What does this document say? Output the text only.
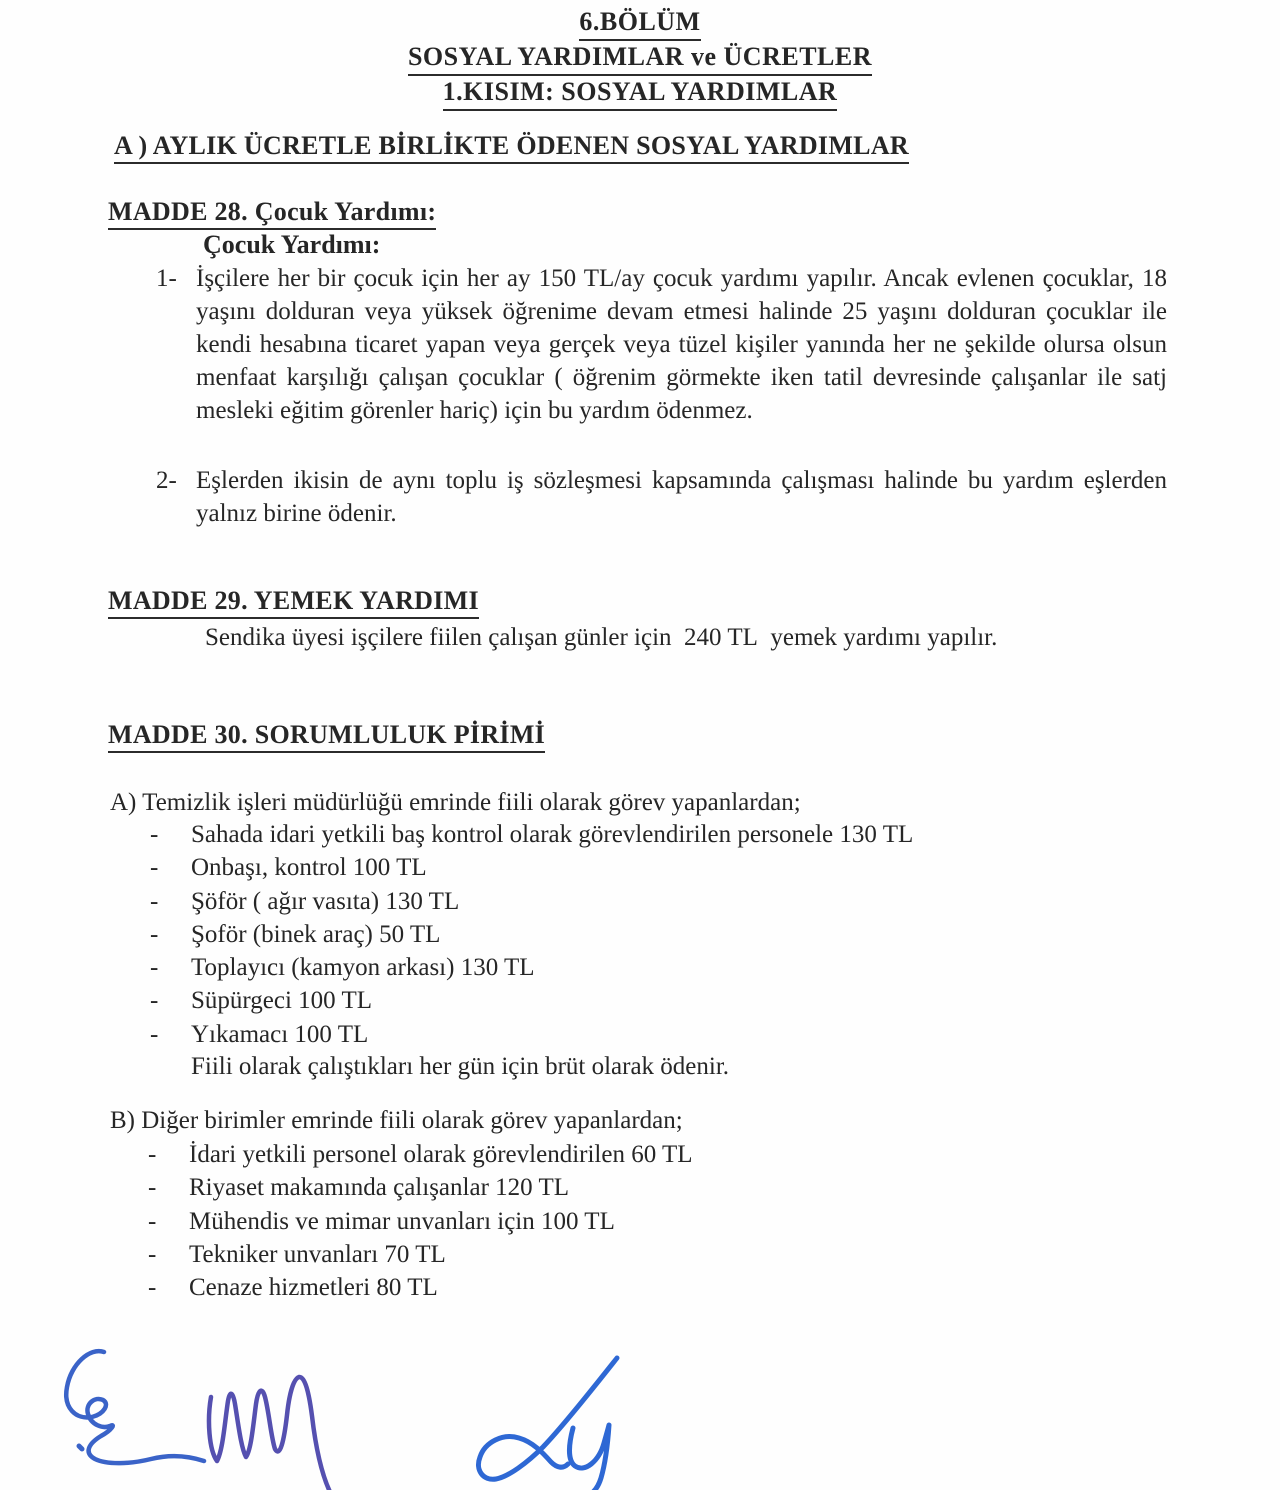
6.BÖLÜM
SOSYAL YARDIMLAR ve ÜCRETLER
1.KISIM: SOSYAL YARDIMLAR
A ) AYLIK ÜCRETLE BİRLİKTE ÖDENEN SOSYAL YARDIMLAR
MADDE 28. Çocuk Yardımı:
Çocuk Yardımı:
1- İşçilere her bir çocuk için her ay 150 TL/ay çocuk yardımı yapılır. Ancak evlenen çocuklar, 18 yaşını dolduran veya yüksek öğrenime devam etmesi halinde 25 yaşını dolduran çocuklar ile kendi hesabına ticaret yapan veya gerçek veya tüzel kişiler yanında her ne şekilde olursa olsun menfaat karşılığı çalışan çocuklar ( öğrenim görmekte iken tatil devresinde çalışanlar ile satj mesleki eğitim görenler hariç) için bu yardım ödenmez.
2- Eşlerden ikisin de aynı toplu iş sözleşmesi kapsamında çalışması halinde bu yardım eşlerden yalnız birine ödenir.
MADDE 29. YEMEK YARDIMI
Sendika üyesi işçilere fiilen çalışan günler için  240 TL  yemek yardımı yapılır.
MADDE 30. SORUMLULUK PİRİMİ
A) Temizlik işleri müdürlüğü emrinde fiili olarak görev yapanlardan;
- Sahada idari yetkili baş kontrol olarak görevlendirilen personele 130 TL
- Onbaşı, kontrol 100 TL
- Şöför ( ağır vasıta) 130 TL
- Şoför (binek araç) 50 TL
- Toplayıcı (kamyon arkası) 130 TL
- Süpürgeci 100 TL
- Yıkamacı 100 TL
Fiili olarak çalıştıkları her gün için brüt olarak ödenir.
B) Diğer birimler emrinde fiili olarak görev yapanlardan;
- İdari yetkili personel olarak görevlendirilen 60 TL
- Riyaset makamında çalışanlar 120 TL
- Mühendis ve mimar unvanları için 100 TL
- Tekniker unvanları 70 TL
- Cenaze hizmetleri 80 TL
